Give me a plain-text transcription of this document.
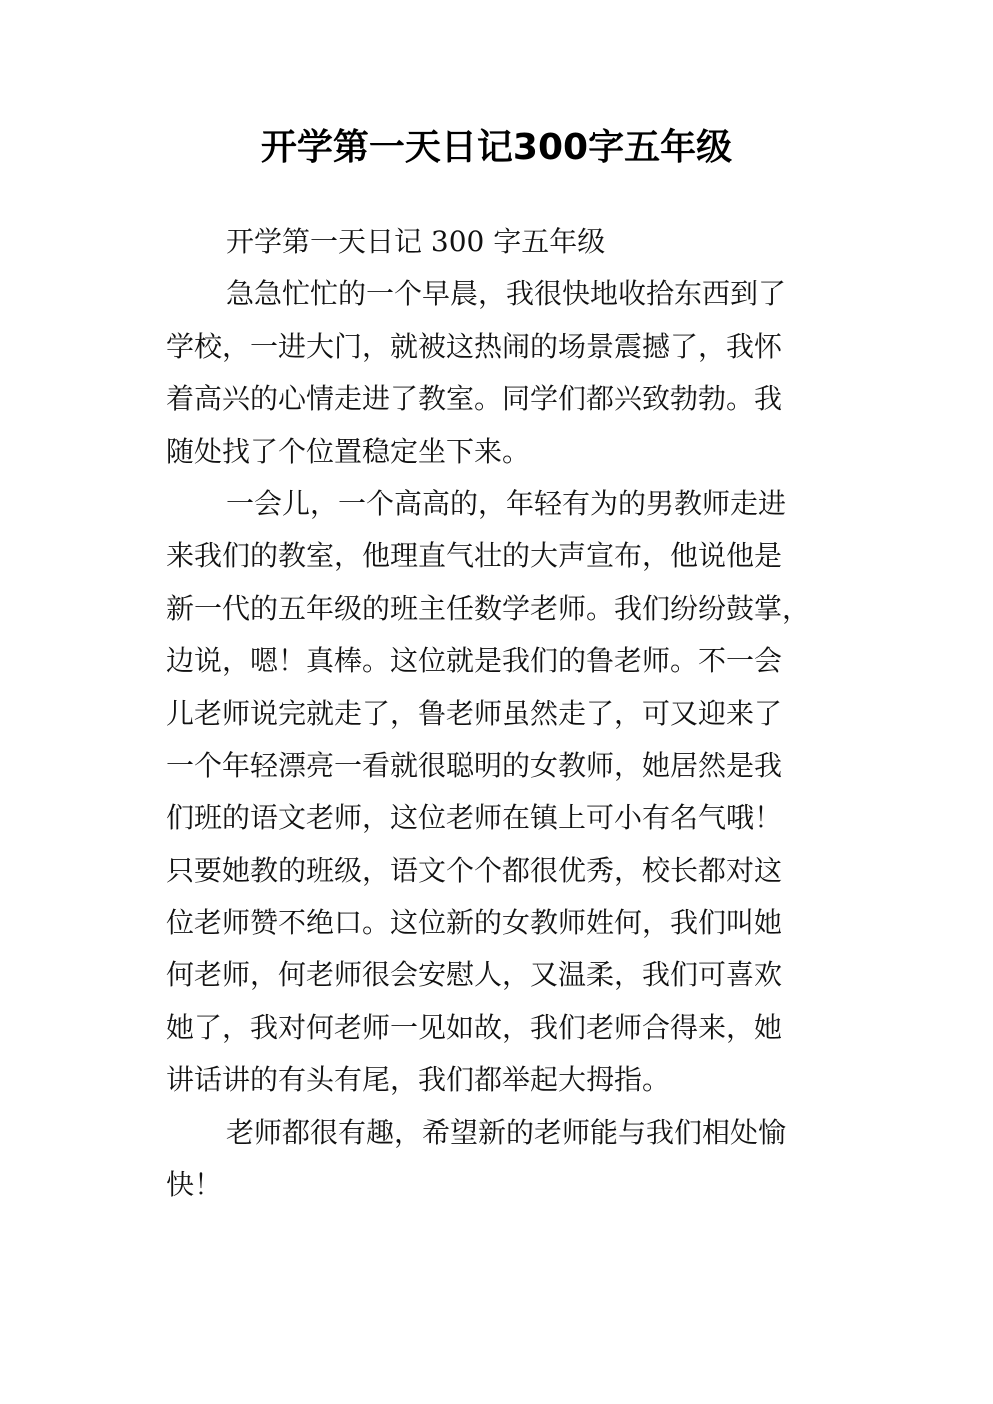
开学第一天日记300字五年级
开学第一天日记 300 字五年级
急急忙忙的一个早晨，我很快地收拾东西到了
学校，一进大门，就被这热闹的场景震撼了，我怀
着高兴的心情走进了教室。同学们都兴致勃勃。我
随处找了个位置稳定坐下来。
一会儿，一个高高的，年轻有为的男教师走进
来我们的教室，他理直气壮的大声宣布，他说他是
新一代的五年级的班主任数学老师。我们纷纷鼓掌，
边说，嗯！真棒。这位就是我们的鲁老师。不一会
儿老师说完就走了，鲁老师虽然走了，可又迎来了
一个年轻漂亮一看就很聪明的女教师，她居然是我
们班的语文老师，这位老师在镇上可小有名气哦！
只要她教的班级，语文个个都很优秀，校长都对这
位老师赞不绝口。这位新的女教师姓何，我们叫她
何老师，何老师很会安慰人，又温柔，我们可喜欢
她了，我对何老师一见如故，我们老师合得来，她
讲话讲的有头有尾，我们都举起大拇指。
老师都很有趣，希望新的老师能与我们相处愉
快！
